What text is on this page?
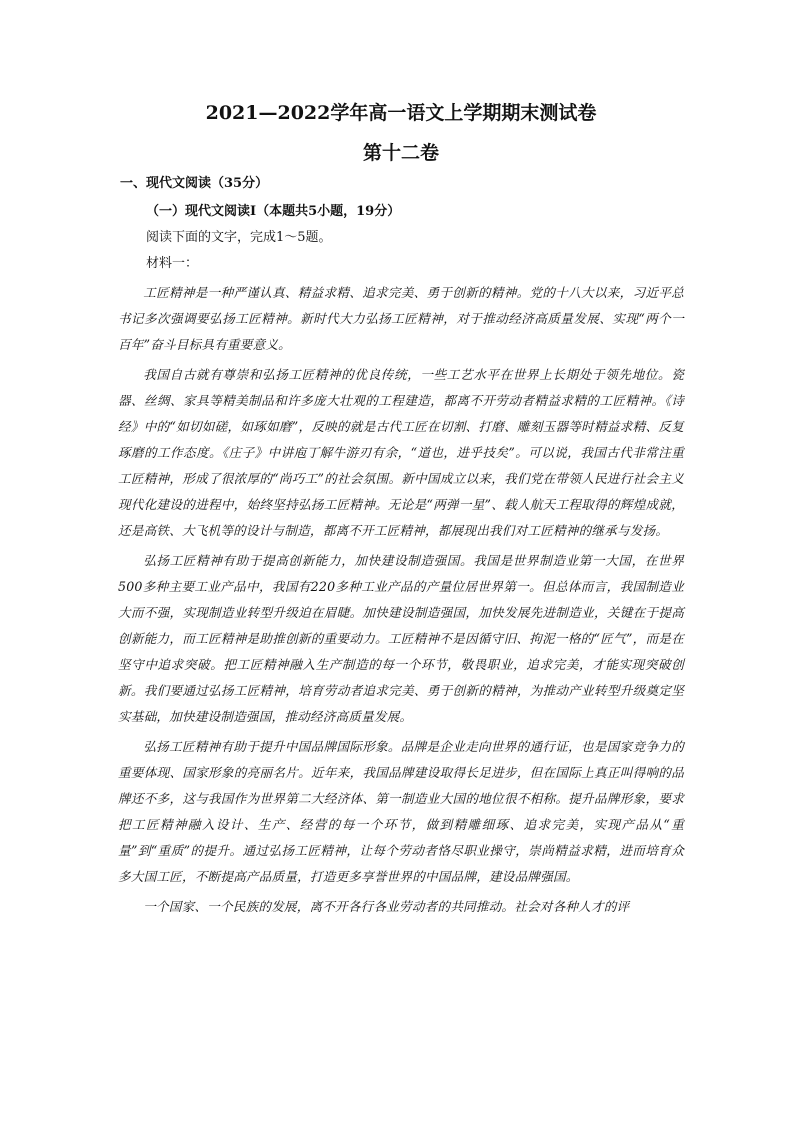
2021—2022学年高一语文上学期期末测试卷
第十二卷
一、现代文阅读（35分）
（一）现代文阅读Ⅰ（本题共5小题，19分）
阅读下面的文字，完成1～5题。
材料一：

工匠精神是一种严谨认真、精益求精、追求完美、勇于创新的精神。党的十八大以来，习近平总书记多次强调要弘扬工匠精神。新时代大力弘扬工匠精神，对于推动经济高质量发展、实现“两个一百年”奋斗目标具有重要意义。

我国自古就有尊崇和弘扬工匠精神的优良传统，一些工艺水平在世界上长期处于领先地位。瓷器、丝绸、家具等精美制品和许多庞大壮观的工程建造，都离不开劳动者精益求精的工匠精神。《诗经》中的“如切如磋，如琢如磨”，反映的就是古代工匠在切割、打磨、雕刻玉器等时精益求精、反复琢磨的工作态度。《庄子》中讲庖丁解牛游刃有余，“道也，进乎技矣”。可以说，我国古代非常注重工匠精神，形成了很浓厚的“尚巧工”的社会氛围。新中国成立以来，我们党在带领人民进行社会主义现代化建设的进程中，始终坚持弘扬工匠精神。无论是“两弹一星”、载人航天工程取得的辉煌成就，还是高铁、大飞机等的设计与制造，都离不开工匠精神，都展现出我们对工匠精神的继承与发扬。

弘扬工匠精神有助于提高创新能力，加快建设制造强国。我国是世界制造业第一大国，在世界500多种主要工业产品中，我国有220多种工业产品的产量位居世界第一。但总体而言，我国制造业大而不强，实现制造业转型升级迫在眉睫。加快建设制造强国，加快发展先进制造业，关键在于提高创新能力，而工匠精神是助推创新的重要动力。工匠精神不是因循守旧、拘泥一格的“匠气”，而是在坚守中追求突破。把工匠精神融入生产制造的每一个环节，敬畏职业，追求完美，才能实现突破创新。我们要通过弘扬工匠精神，培育劳动者追求完美、勇于创新的精神，为推动产业转型升级奠定坚实基础，加快建设制造强国，推动经济高质量发展。

弘扬工匠精神有助于提升中国品牌国际形象。品牌是企业走向世界的通行证，也是国家竞争力的重要体现、国家形象的亮丽名片。近年来，我国品牌建设取得长足进步，但在国际上真正叫得响的品牌还不多，这与我国作为世界第二大经济体、第一制造业大国的地位很不相称。提升品牌形象，要求把工匠精神融入设计、生产、经营的每一个环节，做到精雕细琢、追求完美，实现产品从“重量”到“重质”的提升。通过弘扬工匠精神，让每个劳动者恪尽职业操守，崇尚精益求精，进而培育众多大国工匠，不断提高产品质量，打造更多享誉世界的中国品牌，建设品牌强国。

一个国家、一个民族的发展，离不开各行各业劳动者的共同推动。社会对各种人才的评
